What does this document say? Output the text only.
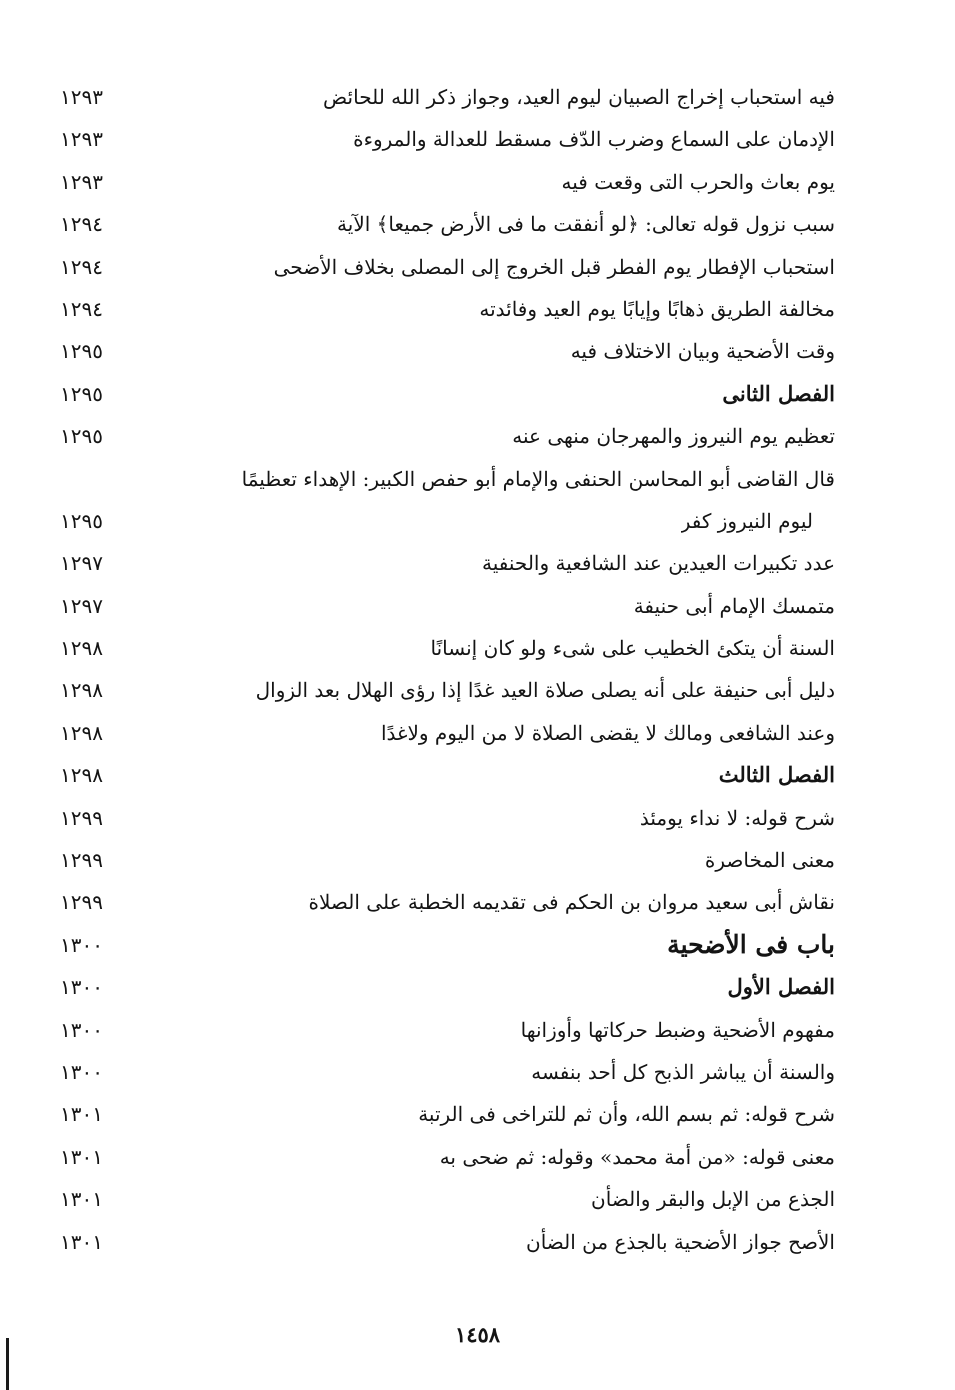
فيه استحباب إخراج الصبيان ليوم العيد، وجواز ذكر الله للحائض
١٢٩٣
الإدمان على السماع وضرب الدّف مسقط للعدالة والمروءة
١٢٩٣
يوم بعاث والحرب التى وقعت فيه
١٢٩٣
سبب نزول قوله تعالى: ﴿لو أنفقت ما فى الأرض جميعا﴾ الآية
١٢٩٤
استحباب الإفطار يوم الفطر قبل الخروج إلى المصلى بخلاف الأضحى
١٢٩٤
مخالفة الطريق ذهابًا وإيابًا يوم العيد وفائدته
١٢٩٤
وقت الأضحية وبيان الاختلاف فيه
١٢٩٥
الفصل الثانى
١٢٩٥
تعظيم يوم النيروز والمهرجان منهى عنه
١٢٩٥
قال القاضى أبو المحاسن الحنفى والإمام أبو حفص الكبير: الإهداء تعظيمًا
ليوم النيروز كفر
١٢٩٥
عدد تكبيرات العيدين عند الشافعية والحنفية
١٢٩٧
متمسك الإمام أبى حنيفة
١٢٩٧
السنة أن يتكئ الخطيب على شىء ولو كان إنسانًا
١٢٩٨
دليل أبى حنيفة على أنه يصلى صلاة العيد غدًا إذا رؤى الهلال بعد الزوال
١٢٩٨
وعند الشافعى ومالك لا يقضى الصلاة لا من اليوم ولاغدًا
١٢٩٨
الفصل الثالث
١٢٩٨
شرح قوله: لا نداء يومئذ
١٢٩٩
معنى المخاصرة
١٢٩٩
نقاش أبى سعيد مروان بن الحكم فى تقديمه الخطبة على الصلاة
١٢٩٩
باب فى الأضحية
١٣٠٠
الفصل الأول
١٣٠٠
مفهوم الأضحية وضبط حركاتها وأوزانها
١٣٠٠
والسنة أن يباشر الذبح كل أحد بنفسه
١٣٠٠
شرح قوله: ثم بسم الله، وأن ثم للتراخى فى الرتبة
١٣٠١
معنى قوله: «من أمة محمد» وقوله: ثم ضحى به
١٣٠١
الجذع من الإبل والبقر والضأن
١٣٠١
الأصح جواز الأضحية بالجذع من الضأن
١٣٠١
١٤٥٨
